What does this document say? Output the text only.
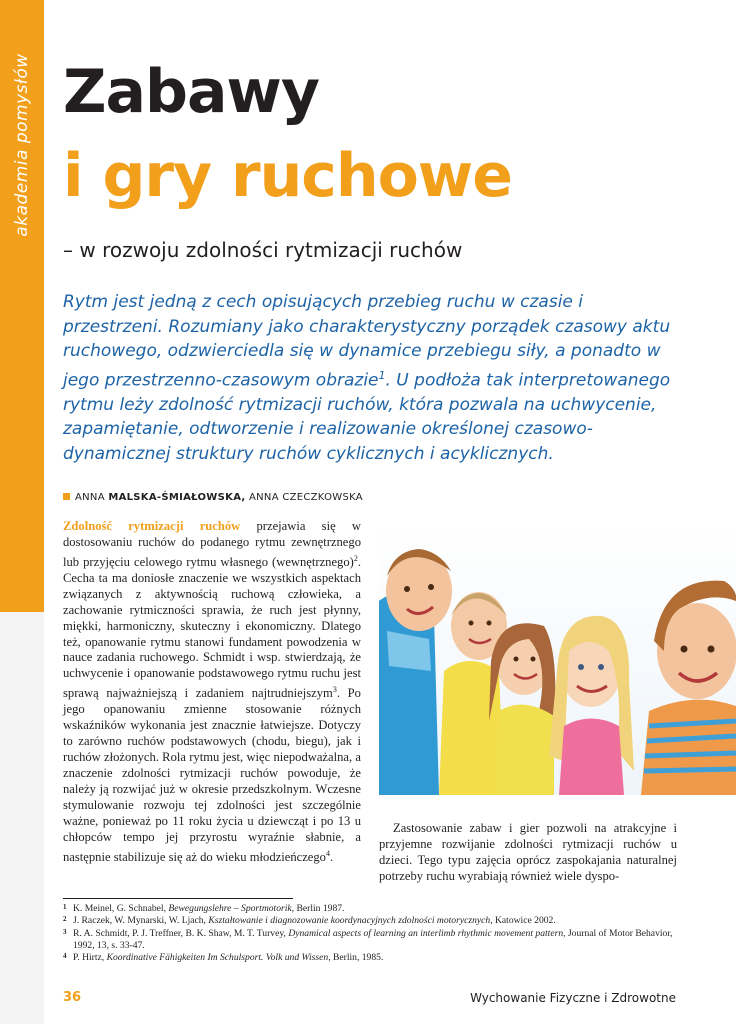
akademia pomysłów Zabawy
i gry ruchowe
– w rozwoju zdolności rytmizacji ruchów

Rytm jest jedną z cech opisujących przebieg ruchu w czasie i przestrzeni. Rozumiany jako charakterystyczny porządek czasowy aktu ruchowego, odzwierciedla się w dynamice przebiegu siły, a ponadto w jego przestrzenno-czasowym obrazie$^1$. U podłoża tak interpretowanego rytmu leży zdolność rytmizacji ruchów, która pozwala na uchwycenie, zapamiętanie, odtworzenie i realizowanie określonej czasowo-dynamicznej struktury ruchów cyklicznych i acyklicznych.

ANNA MALSKA-ŚMIAŁOWSKA, ANNA CZECZKOWSKA

Zdolność rytmizacji ruchów przejawia się w dostosowaniu ruchów do podanego rytmu zewnętrznego lub przyjęciu celowego rytmu własnego (wewnętrznego)$^2$. Cecha ta ma doniosłe znaczenie we wszystkich aspektach związanych z aktywnością ruchową człowieka, a zachowanie rytmiczności sprawia, że ruch jest płynny, miękki, harmoniczny, skuteczny i ekonomiczny. Dlatego też, opanowanie rytmu stanowi fundament powodzenia w nauce zadania ruchowego. Schmidt i wsp. stwierdzają, że uchwycenie i opanowanie podstawowego rytmu ruchu jest sprawą najważniejszą i zadaniem najtrudniejszym$^3$. Po jego opanowaniu zmienne stosowanie różnych wskaźników wykonania jest znacznie łatwiejsze. Dotyczy to zarówno ruchów podstawowych (chodu, biegu), jak i ruchów złożonych. Rola rytmu jest, więc niepodważalna, a znaczenie zdolności rytmizacji ruchów powoduje, że należy ją rozwijać już w okresie przedszkolnym. Wczesne stymulowanie rozwoju tej zdolności jest szczególnie ważne, ponieważ po 11 roku życia u dziewcząt i po 13 u chłopców tempo jej przyrostu wyraźnie słabnie, a następnie stabilizuje się aż do wieku młodzieńczego$^4$.

Zastosowanie zabaw i gier pozwoli na atrakcyjne i przyjemne rozwijanie zdolności rytmizacji ruchów u dzieci. Tego typu zajęcia oprócz zaspokajania naturalnej potrzeby ruchu wyrabiają również wiele dyspo-

1 K. Meinel, G. Schnabel, Bewegungslehre – Sportmotorik, Berlin 1987.
2 J. Raczek, W. Mynarski, W. Ljach, Kształtowanie i diagnozowanie koordynacyjnych zdolności motorycznych, Katowice 2002.
3 R. A. Schmidt, P. J. Treffner, B. K. Shaw, M. T. Turvey, Dynamical aspects of learning an interlimb rhythmic movement pattern, Journal of Motor Behavior, 1992, 13, s. 33-47.
4 P. Hirtz, Koordinative Fähigkeiten Im Schulsport. Volk und Wissen, Berlin, 1985.
36	Wychowanie Fizyczne i Zdrowotne
